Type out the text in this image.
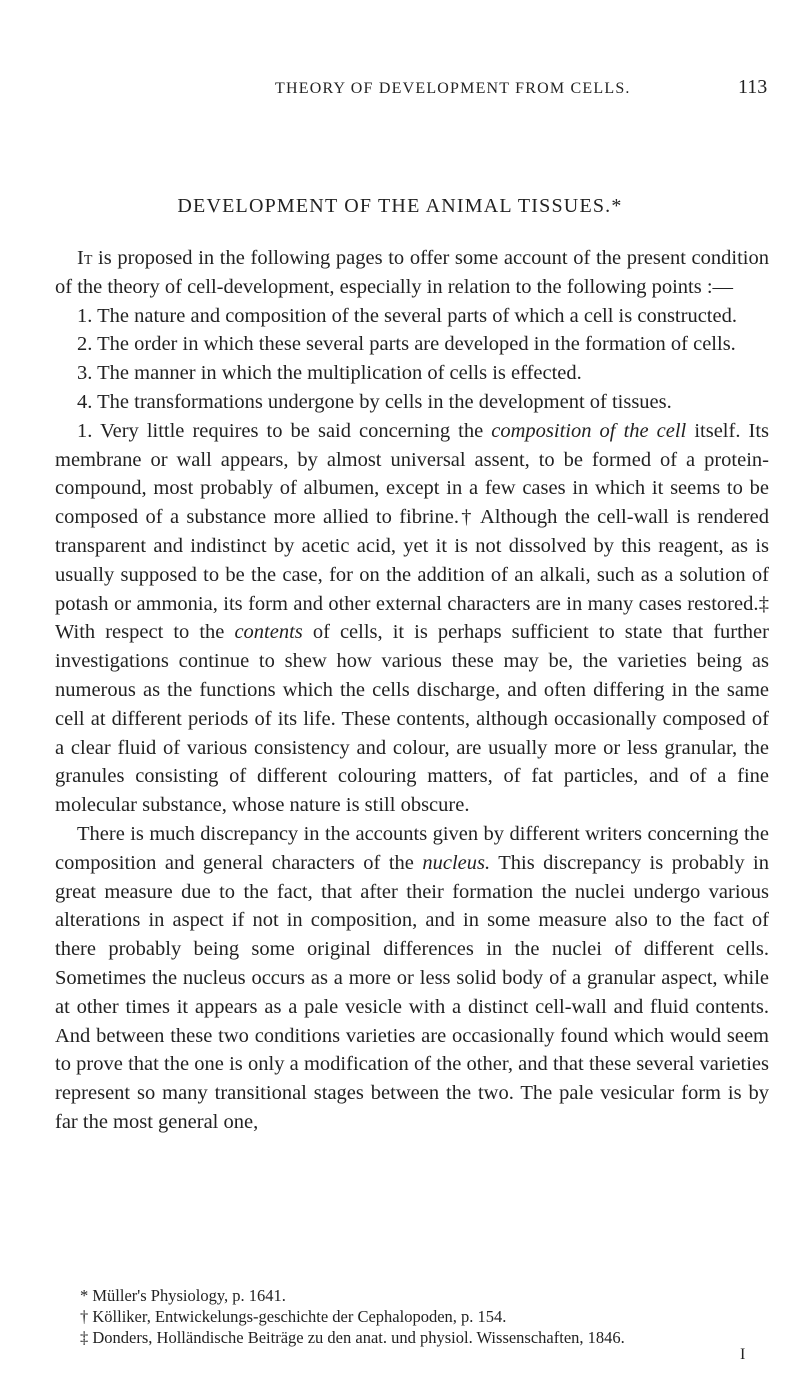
THEORY OF DEVELOPMENT FROM CELLS.	113
DEVELOPMENT OF THE ANIMAL TISSUES.*

It is proposed in the following pages to offer some account of the present condition of the theory of cell-development, especially in relation to the following points :—

1. The nature and composition of the several parts of which a cell is constructed.

2. The order in which these several parts are developed in the formation of cells.

3. The manner in which the multiplication of cells is effected.

4. The transformations undergone by cells in the development of tissues.

1. Very little requires to be said concerning the composition of the cell itself. Its membrane or wall appears, by almost universal assent, to be formed of a protein-compound, most probably of albumen, except in a few cases in which it seems to be composed of a substance more allied to fibrine.† Although the cell-wall is rendered transparent and indistinct by acetic acid, yet it is not dissolved by this reagent, as is usually supposed to be the case, for on the addition of an alkali, such as a solution of potash or ammonia, its form and other external characters are in many cases restored.‡ With respect to the contents of cells, it is perhaps sufficient to state that further investigations continue to shew how various these may be, the varieties being as numerous as the functions which the cells discharge, and often differing in the same cell at different periods of its life. These contents, although occasionally composed of a clear fluid of various consistency and colour, are usually more or less granular, the granules consisting of different colouring matters, of fat particles, and of a fine molecular substance, whose nature is still obscure.

There is much discrepancy in the accounts given by different writers concerning the composition and general characters of the nucleus. This discrepancy is probably in great measure due to the fact, that after their formation the nuclei undergo various alterations in aspect if not in composition, and in some measure also to the fact of there probably being some original differences in the nuclei of different cells. Sometimes the nucleus occurs as a more or less solid body of a granular aspect, while at other times it appears as a pale vesicle with a distinct cell-wall and fluid contents. And between these two conditions varieties are occasionally found which would seem to prove that the one is only a modification of the other, and that these several varieties represent so many transitional stages between the two. The pale vesicular form is by far the most general one,

* Müller's Physiology, p. 1641.
† Kölliker, Entwickelungs-geschichte der Cephalopoden, p. 154.
‡ Donders, Holländische Beiträge zu den anat. und physiol. Wissenschaften, 1846.
I
